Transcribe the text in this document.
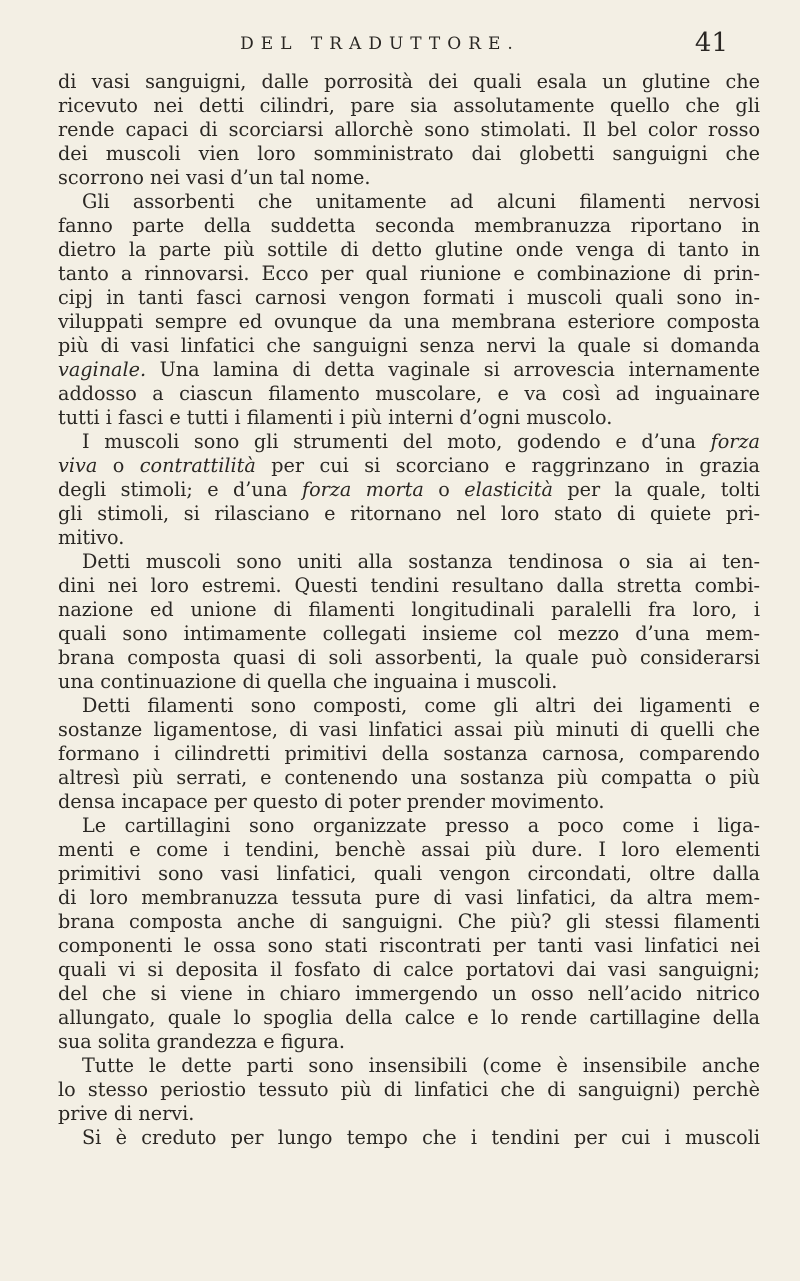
DEL TRADUTTORE.	41
di vasi sanguigni, dalle porrosità dei quali esala un glutine che
ricevuto nei detti cilindri, pare sia assolutamente quello che gli
rende capaci di scorciarsi allorchè sono stimolati. Il bel color rosso
dei muscoli vien loro somministrato dai globetti sanguigni che
scorrono nei vasi d’un tal nome.
Gli assorbenti che unitamente ad alcuni filamenti nervosi
fanno parte della suddetta seconda membranuzza riportano in
dietro la parte più sottile di detto glutine onde venga di tanto in
tanto a rinnovarsi. Ecco per qual riunione e combinazione di prin-
cipj in tanti fasci carnosi vengon formati i muscoli quali sono in-
viluppati sempre ed ovunque da una membrana esteriore composta
più di vasi linfatici che sanguigni senza nervi la quale si domanda
vaginale. Una lamina di detta vaginale si arrovescia internamente
addosso a ciascun filamento muscolare, e va così ad inguainare
tutti i fasci e tutti i filamenti i più interni d’ogni muscolo.
I muscoli sono gli strumenti del moto, godendo e d’una forza
viva o contrattilità per cui si scorciano e raggrinzano in grazia
degli stimoli; e d’una forza morta o elasticità per la quale, tolti
gli stimoli, si rilasciano e ritornano nel loro stato di quiete pri-
mitivo.
Detti muscoli sono uniti alla sostanza tendinosa o sia ai ten-
dini nei loro estremi. Questi tendini resultano dalla stretta combi-
nazione ed unione di filamenti longitudinali paralelli fra loro, i
quali sono intimamente collegati insieme col mezzo d’una mem-
brana composta quasi di soli assorbenti, la quale può considerarsi
una continuazione di quella che inguaina i muscoli.
Detti filamenti sono composti, come gli altri dei ligamenti e
sostanze ligamentose, di vasi linfatici assai più minuti di quelli che
formano i cilindretti primitivi della sostanza carnosa, comparendo
altresì più serrati, e contenendo una sostanza più compatta o più
densa incapace per questo di poter prender movimento.
Le cartillagini sono organizzate presso a poco come i liga-
menti e come i tendini, benchè assai più dure. I loro elementi
primitivi sono vasi linfatici, quali vengon circondati, oltre dalla
di loro membranuzza tessuta pure di vasi linfatici, da altra mem-
brana composta anche di sanguigni. Che più? gli stessi filamenti
componenti le ossa sono stati riscontrati per tanti vasi linfatici nei
quali vi si deposita il fosfato di calce portatovi dai vasi sanguigni;
del che si viene in chiaro immergendo un osso nell’acido nitrico
allungato, quale lo spoglia della calce e lo rende cartillagine della
sua solita grandezza e figura.
Tutte le dette parti sono insensibili (come è insensibile anche
lo stesso periostio tessuto più di linfatici che di sanguigni) perchè
prive di nervi.
Si è creduto per lungo tempo che i tendini per cui i muscoli
